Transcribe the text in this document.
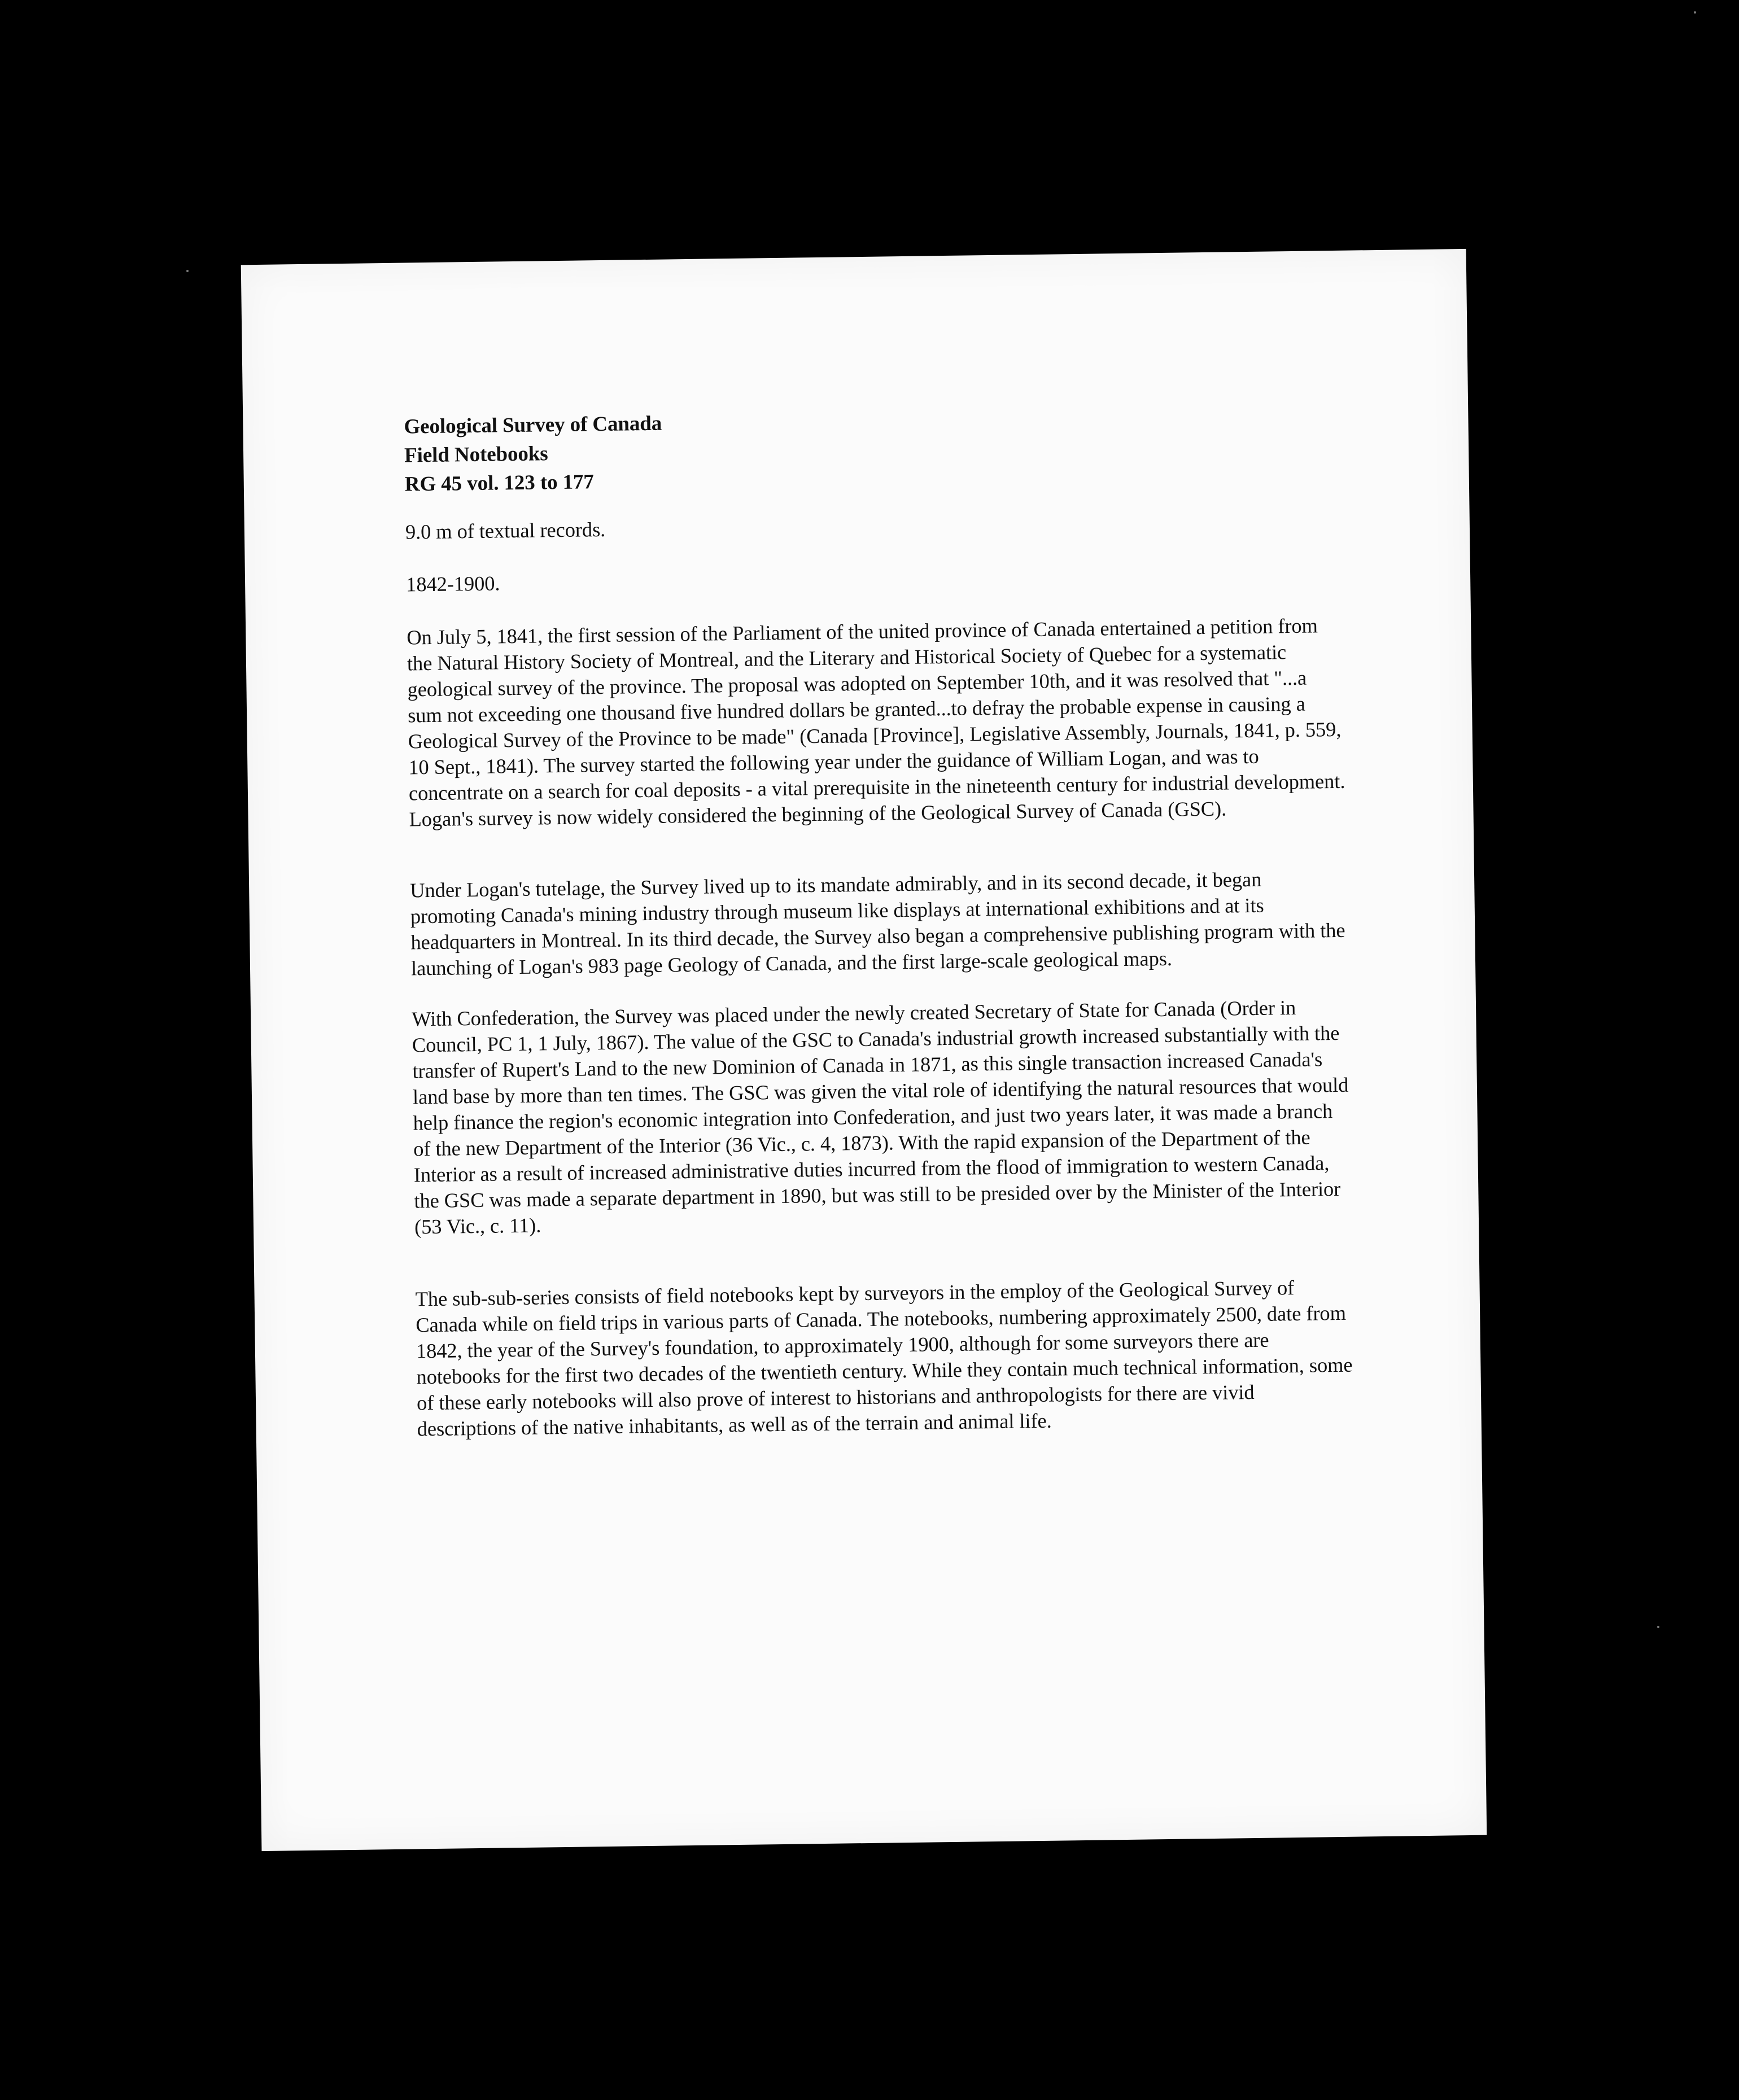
Geological Survey of Canada
Field Notebooks
RG 45 vol. 123 to 177

9.0 m of textual records.

1842-1900.

On July 5, 1841, the first session of the Parliament of the united province of Canada entertained a petition from the Natural History Society of Montreal, and the Literary and Historical Society of Quebec for a systematic geological survey of the province. The proposal was adopted on September 10th, and it was resolved that "...a sum not exceeding one thousand five hundred dollars be granted...to defray the probable expense in causing a Geological Survey of the Province to be made" (Canada [Province], Legislative Assembly, Journals, 1841, p. 559, 10 Sept., 1841). The survey started the following year under the guidance of William Logan, and was to concentrate on a search for coal deposits - a vital prerequisite in the nineteenth century for industrial development. Logan's survey is now widely considered the beginning of the Geological Survey of Canada (GSC).

Under Logan's tutelage, the Survey lived up to its mandate admirably, and in its second decade, it began promoting Canada's mining industry through museum like displays at international exhibitions and at its headquarters in Montreal. In its third decade, the Survey also began a comprehensive publishing program with the launching of Logan's 983 page Geology of Canada, and the first large-scale geological maps.

With Confederation, the Survey was placed under the newly created Secretary of State for Canada (Order in Council, PC 1, 1 July, 1867). The value of the GSC to Canada's industrial growth increased substantially with the transfer of Rupert's Land to the new Dominion of Canada in 1871, as this single transaction increased Canada's land base by more than ten times. The GSC was given the vital role of identifying the natural resources that would help finance the region's economic integration into Confederation, and just two years later, it was made a branch of the new Department of the Interior (36 Vic., c. 4, 1873). With the rapid expansion of the Department of the Interior as a result of increased administrative duties incurred from the flood of immigration to western Canada, the GSC was made a separate department in 1890, but was still to be presided over by the Minister of the Interior (53 Vic., c. 11).

The sub-sub-series consists of field notebooks kept by surveyors in the employ of the Geological Survey of Canada while on field trips in various parts of Canada. The notebooks, numbering approximately 2500, date from 1842, the year of the Survey's foundation, to approximately 1900, although for some surveyors there are notebooks for the first two decades of the twentieth century. While they contain much technical information, some of these early notebooks will also prove of interest to historians and anthropologists for there are vivid descriptions of the native inhabitants, as well as of the terrain and animal life.
